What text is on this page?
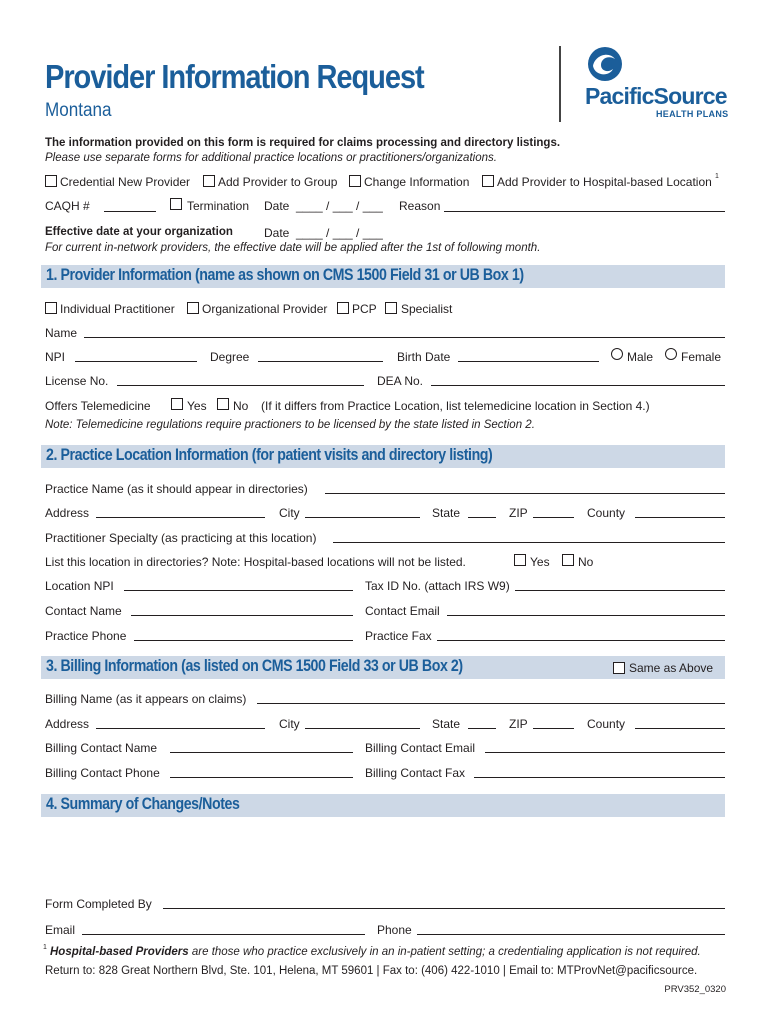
Provider Information Request
Montana
PacificSource
HEALTH PLANS
The information provided on this form is required for claims processing and directory listings.
Please use separate forms for additional practice locations or practitioners/organizations.
Credential New Provider Add Provider to Group Change Information Add Provider to Hospital-based Location 1
CAQH #	Termination Date ____ / ___ / ___ Reason
Effective date at your organization	Date ____ / ___ / ___
For current in-network providers, the effective date will be applied after the 1st of following month.
1. Provider Information (name as shown on CMS 1500 Field 31 or UB Box 1)
Individual Practitioner Organizational Provider PCP Specialist
Name
NPI	Degree	Birth Date	Male Female
License No.	DEA No.
Offers Telemedicine	Yes No (If it differs from Practice Location, list telemedicine location in Section 4.)
Note: Telemedicine regulations require practioners to be licensed by the state listed in Section 2.
2. Practice Location Information (for patient visits and directory listing)
Practice Name (as it should appear in directories)
Address	City	State	ZIP	County
Practitioner Specialty (as practicing at this location)
List this location in directories? Note: Hospital-based locations will not be listed.	Yes No
Location NPI	Tax ID No. (attach IRS W9)
Contact Name	Contact Email
Practice Phone	Practice Fax
3. Billing Information (as listed on CMS 1500 Field 33 or UB Box 2)	Same as Above
Billing Name (as it appears on claims)
Address	City	State	ZIP	County
Billing Contact Name	Billing Contact Email
Billing Contact Phone	Billing Contact Fax
4. Summary of Changes/Notes
Form Completed By
Email	Phone
1 Hospital-based Providers are those who practice exclusively in an in-patient setting; a credentialing application is not required.
Return to: 828 Great Northern Blvd, Ste. 101, Helena, MT 59601 | Fax to: (406) 422-1010 | Email to: MTProvNet@pacificsource.
PRV352_0320
